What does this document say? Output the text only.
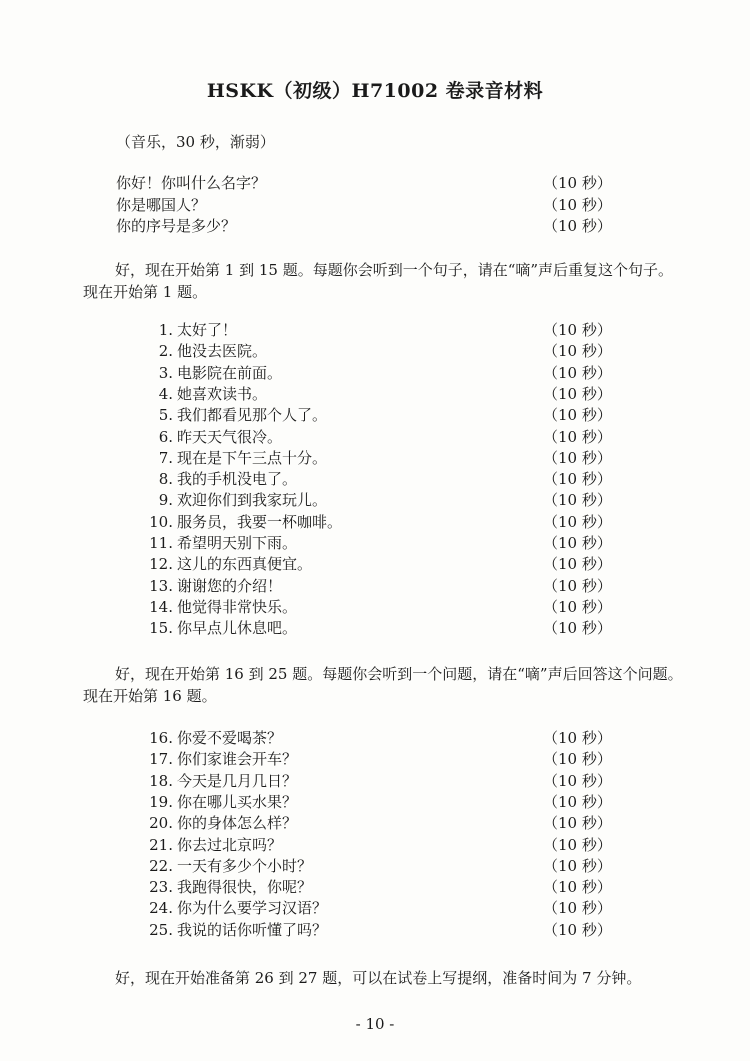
HSKK（初级）H71002 卷录音材料
（音乐，30 秒，渐弱）
你好！你叫什么名字？	（10 秒）
你是哪国人？	（10 秒）
你的序号是多少？	（10 秒）
好，现在开始第 1 到 15 题。每题你会听到一个句子，请在“嘀”声后重复这个句子。现在开始第 1 题。
1. 太好了！	（10 秒）
2. 他没去医院。	（10 秒）
3. 电影院在前面。	（10 秒）
4. 她喜欢读书。	（10 秒）
5. 我们都看见那个人了。	（10 秒）
6. 昨天天气很冷。	（10 秒）
7. 现在是下午三点十分。	（10 秒）
8. 我的手机没电了。	（10 秒）
9. 欢迎你们到我家玩儿。	（10 秒）
10. 服务员，我要一杯咖啡。	（10 秒）
11. 希望明天别下雨。	（10 秒）
12. 这儿的东西真便宜。	（10 秒）
13. 谢谢您的介绍！	（10 秒）
14. 他觉得非常快乐。	（10 秒）
15. 你早点儿休息吧。	（10 秒）
好，现在开始第 16 到 25 题。每题你会听到一个问题，请在“嘀”声后回答这个问题。现在开始第 16 题。
16. 你爱不爱喝茶？	（10 秒）
17. 你们家谁会开车？	（10 秒）
18. 今天是几月几日？	（10 秒）
19. 你在哪儿买水果？	（10 秒）
20. 你的身体怎么样？	（10 秒）
21. 你去过北京吗？	（10 秒）
22. 一天有多少个小时？	（10 秒）
23. 我跑得很快，你呢？	（10 秒）
24. 你为什么要学习汉语？	（10 秒）
25. 我说的话你听懂了吗？	（10 秒）
好，现在开始准备第 26 到 27 题，可以在试卷上写提纲，准备时间为 7 分钟。
- 10 -
